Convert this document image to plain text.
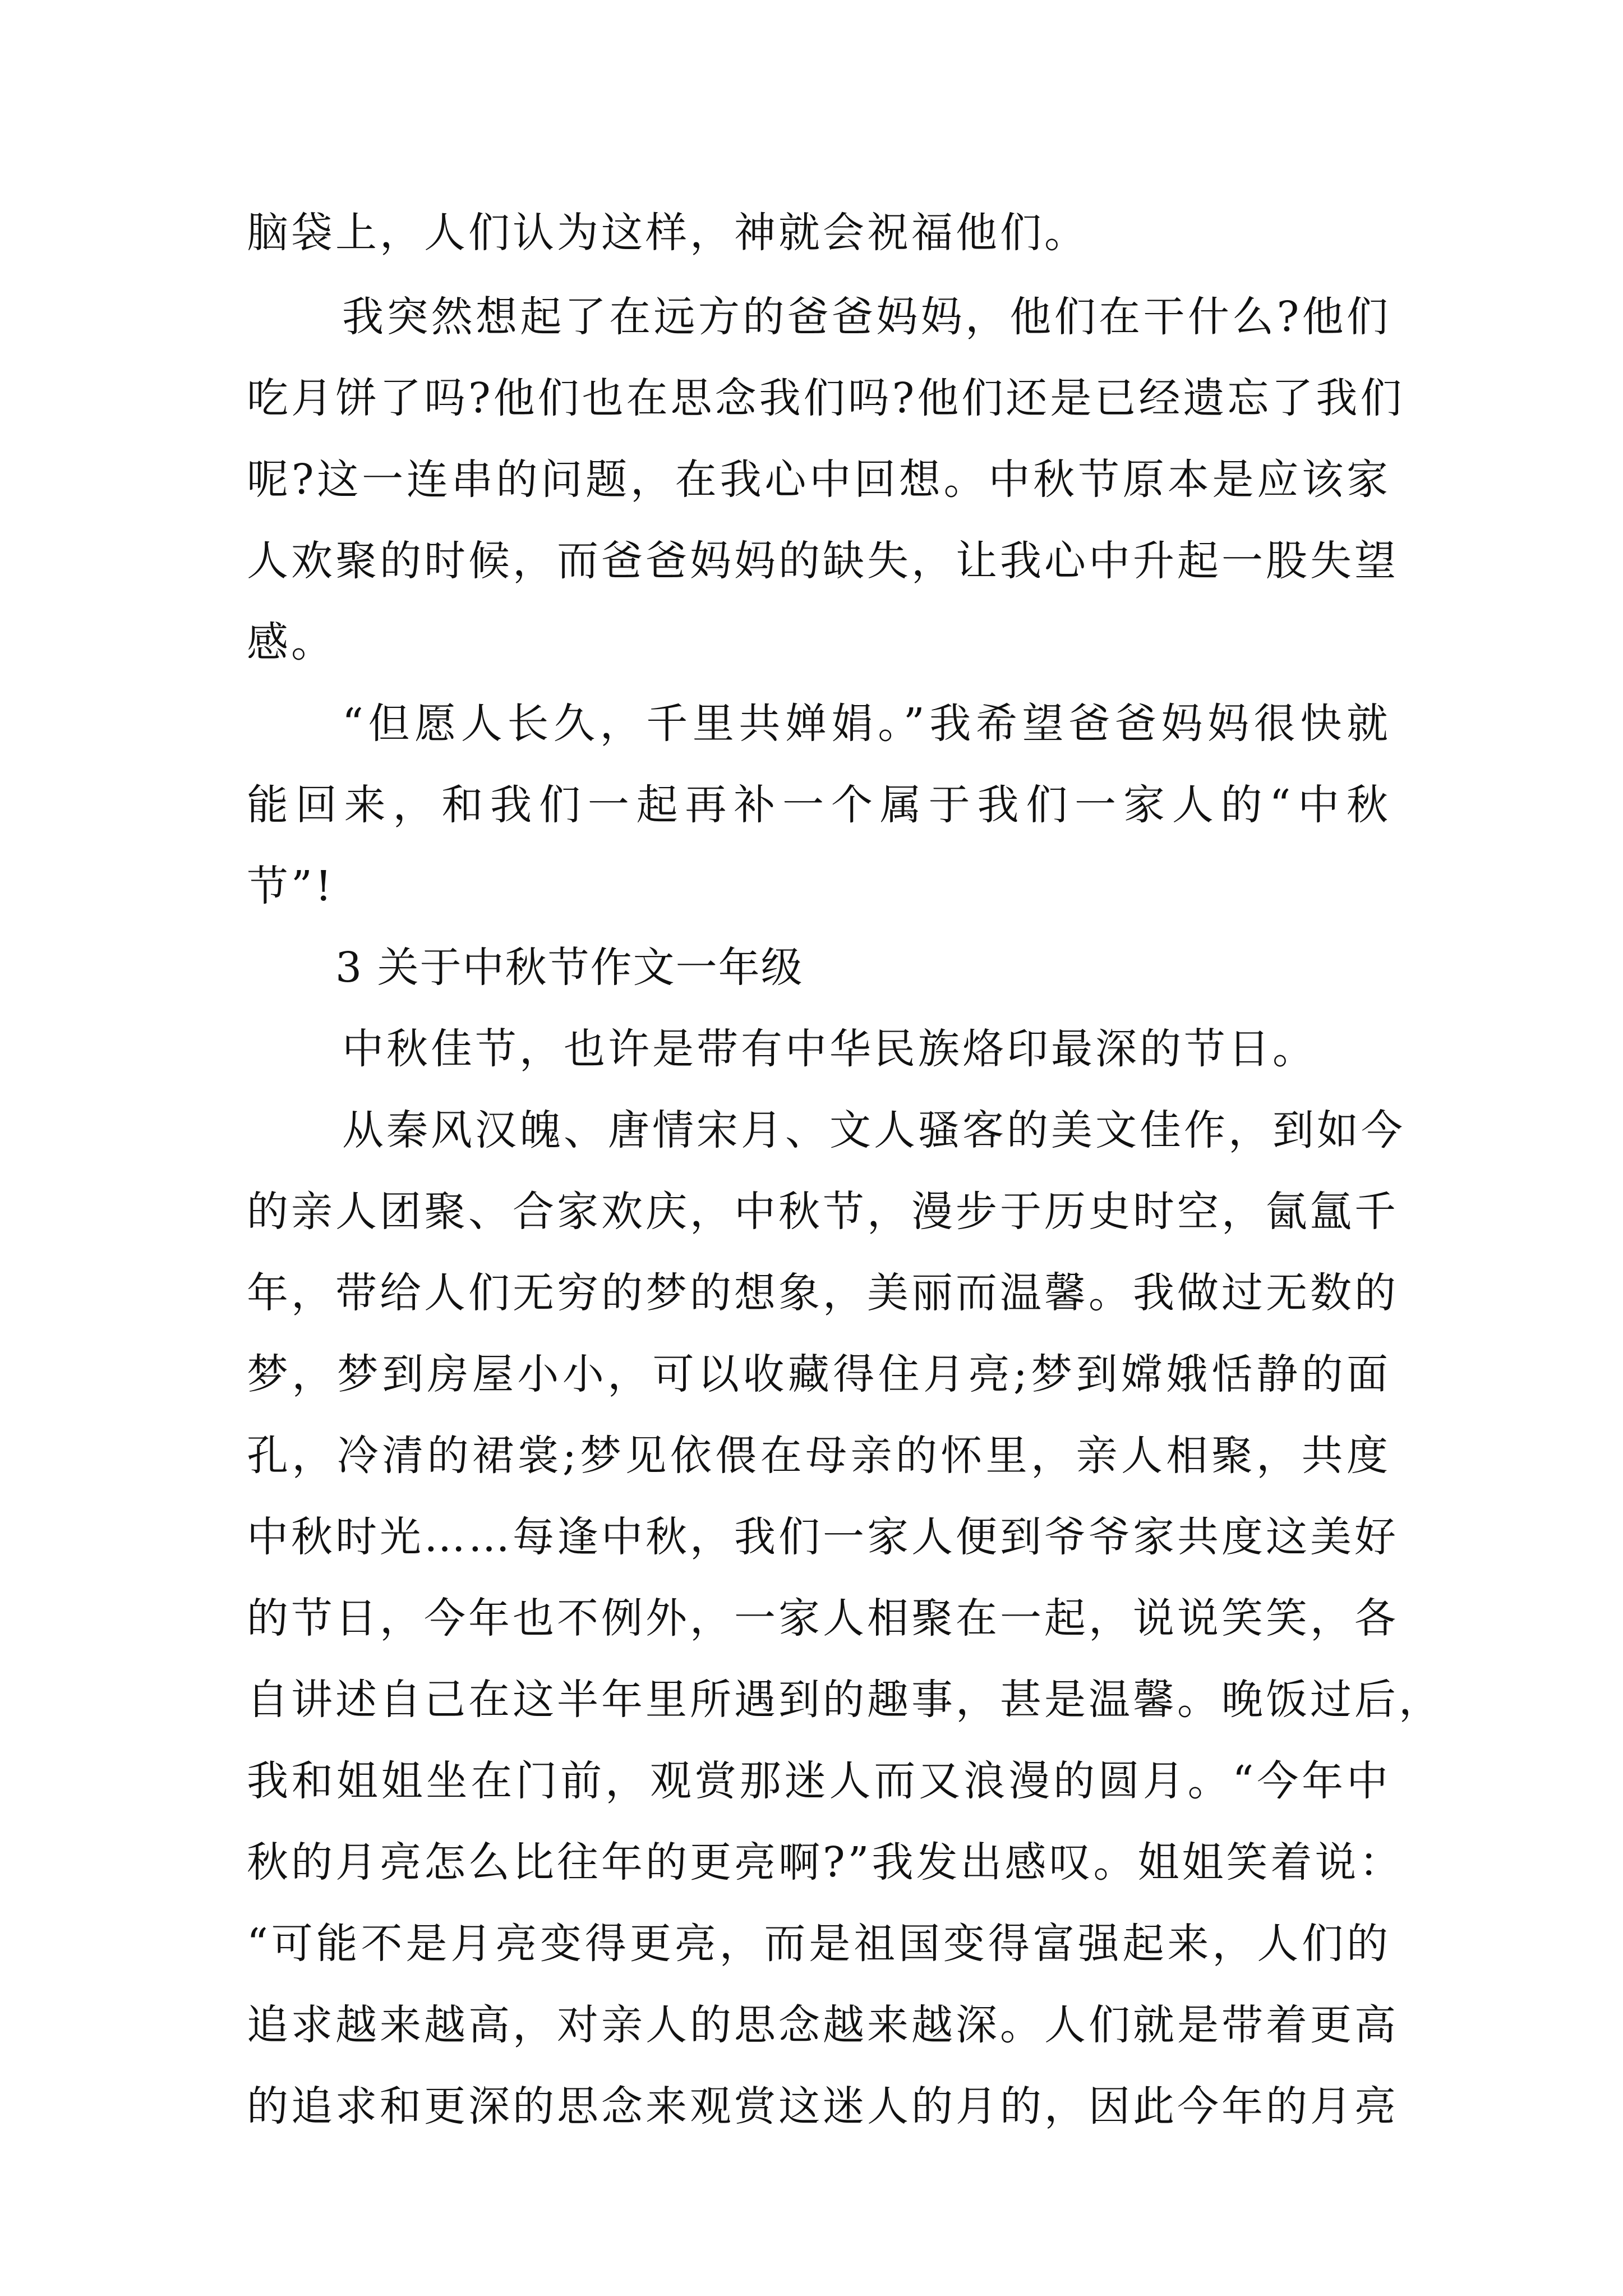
脑袋上，人们认为这样，神就会祝福他们。
我突然想起了在远方的爸爸妈妈，他们在干什么?他们
吃月饼了吗?他们也在思念我们吗?他们还是已经遗忘了我们
呢?这一连串的问题，在我心中回想。中秋节原本是应该家
人欢聚的时候，而爸爸妈妈的缺失，让我心中升起一股失望
感。
“但愿人长久，千里共婵娟。”我希望爸爸妈妈很快就
能回来，和我们一起再补一个属于我们一家人的“中秋
节”!
3 关于中秋节作文一年级
中秋佳节，也许是带有中华民族烙印最深的节日。
从秦风汉魄、唐情宋月、文人骚客的美文佳作，到如今
的亲人团聚、合家欢庆，中秋节，漫步于历史时空，氤氲千
年，带给人们无穷的梦的想象，美丽而温馨。我做过无数的
梦，梦到房屋小小，可以收藏得住月亮;梦到嫦娥恬静的面
孔，冷清的裙裳;梦见依偎在母亲的怀里，亲人相聚，共度
中秋时光……每逢中秋，我们一家人便到爷爷家共度这美好
的节日，今年也不例外，一家人相聚在一起，说说笑笑，各
自讲述自己在这半年里所遇到的趣事，甚是温馨。晚饭过后，
我和姐姐坐在门前，观赏那迷人而又浪漫的圆月。“今年中
秋的月亮怎么比往年的更亮啊?”我发出感叹。姐姐笑着说：
“可能不是月亮变得更亮，而是祖国变得富强起来，人们的
追求越来越高，对亲人的思念越来越深。人们就是带着更高
的追求和更深的思念来观赏这迷人的月的，因此今年的月亮
